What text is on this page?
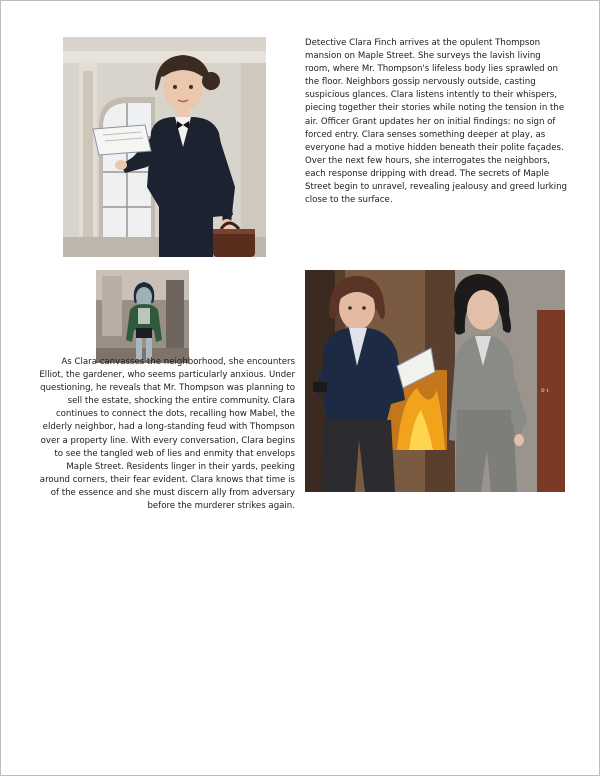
Detective Clara Finch arrives at the opulent Thompson mansion on Maple Street. She surveys the lavish living room, where Mr. Thompson's lifeless body lies sprawled on the floor. Neighbors gossip nervously outside, casting suspicious glances. Clara listens intently to their whispers, piecing together their stories while noting the tension in the air. Officer Grant updates her on initial findings: no sign of forced entry. Clara senses something deeper at play, as everyone had a motive hidden beneath their polite façades. Over the next few hours, she interrogates the neighbors, each response dripping with dread. The secrets of Maple Street begin to unravel, revealing jealousy and greed lurking close to the surface.

As Clara canvasses the neighborhood, she encounters Elliot, the gardener, who seems particularly anxious. Under questioning, he reveals that Mr. Thompson was planning to sell the estate, shocking the entire community. Clara continues to connect the dots, recalling how Mabel, the elderly neighbor, had a long-standing feud with Thompson over a property line. With every conversation, Clara begins to see the tangled web of lies and enmity that envelops Maple Street. Residents linger in their yards, peeking around corners, their fear evident. Clara knows that time is of the essence and she must discern ally from adversary before the murderer strikes again.

o ι
